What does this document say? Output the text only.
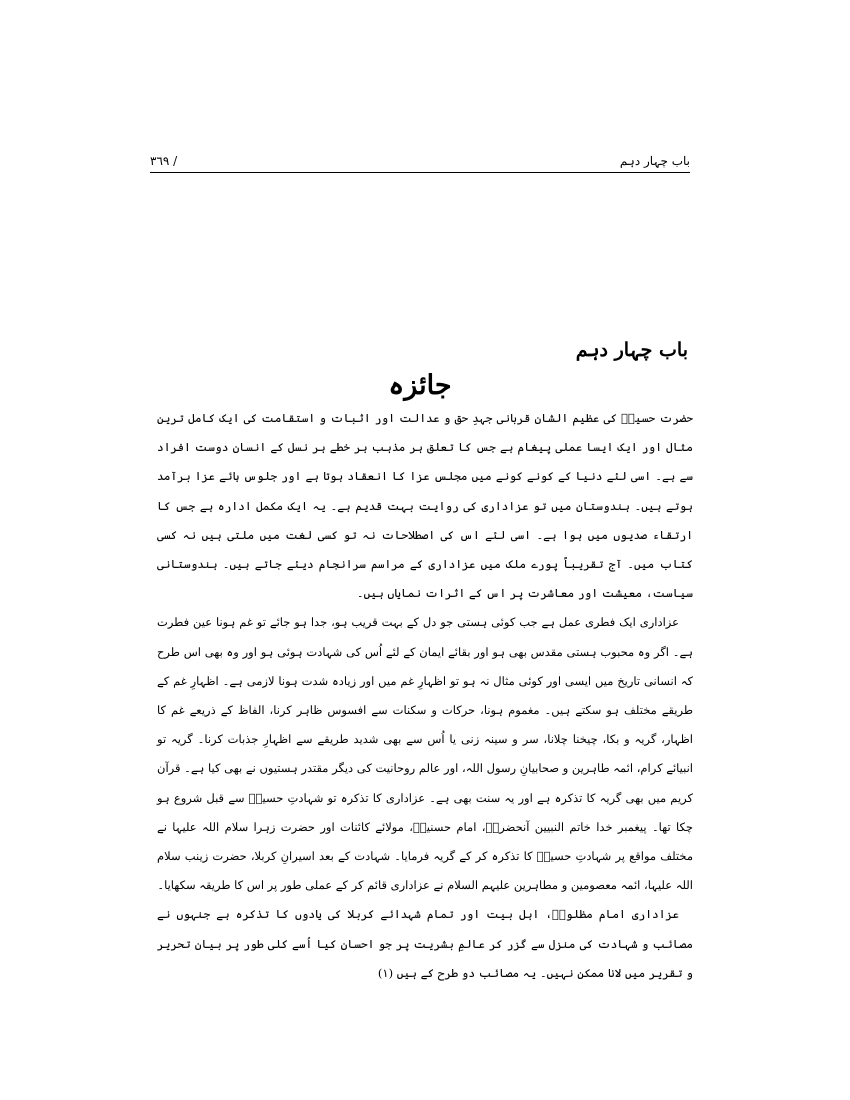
باب چہار دہم
٣٦٩ /
باب چہار دہم
جائزہ

حضرت حسینؑ کی عظیم الشان قربانی جہدِ حق و عدالت اور اثبات و استقامت کی ایک کامل ترین مثال اور ایک ایسا عملی پیغام ہے جس کا تعلق ہر مذہب ہر خطے ہر نسل کے انسان دوست افراد سے ہے۔ اسی لئے دنیا کے کونے کونے میں مجلس عزا کا انعقاد ہوتا ہے اور جلوس ہائے عزا برآمد ہوتے ہیں۔ ہندوستان میں تو عزاداری کی روایت بہت قدیم ہے۔ یہ ایک مکمل ادارہ ہے جس کا ارتقاء صدیوں میں ہوا ہے۔ اسی لئے اس کی اصطلاحات نہ تو کسی لغت میں ملتی ہیں نہ کسی کتاب میں۔ آج تقریباً پورے ملک میں عزاداری کے مراسم سرانجام دیئے جاتے ہیں۔ ہندوستانی سیاست، معیشت اور معاشرت پر اس کے اثرات نمایاں ہیں۔

عزاداری ایک فطری عمل ہے جب کوئی ہستی جو دل کے بہت قریب ہو، جدا ہو جائے تو غم ہونا عین فطرت ہے۔ اگر وہ محبوب ہستی مقدس بھی ہو اور بقائے ایمان کے لئے اُس کی شہادت ہوئی ہو اور وہ بھی اس طرح کہ انسانی تاریخ میں ایسی اور کوئی مثال نہ ہو تو اظہارِ غم میں اور زیادہ شدت ہونا لازمی ہے۔ اظہارِ غم کے طریقے مختلف ہو سکتے ہیں۔ مغموم ہونا، حرکات و سکنات سے افسوس ظاہر کرنا، الفاظ کے ذریعے غم کا اظہار، گریہ و بکا، چیخنا چلانا، سر و سینہ زنی یا اُس سے بھی شدید طریقے سے اظہارِ جذبات کرنا۔ گریہ تو انبیائے کرام، ائمہ طاہرین و صحابیانِ رسول اللہ، اور عالم روحانیت کی دیگر مقتدر ہستیوں نے بھی کیا ہے۔ قرآن کریم میں بھی گریہ کا تذکرہ ہے اور یہ سنت بھی ہے۔ عزاداری کا تذکرہ تو شہادتِ حسینؑ سے قبل شروع ہو چکا تھا۔ پیغمبر خدا خاتم النبیین آنحضرتؐ، امام حسنینؑ، مولائے کائنات اور حضرت زہرا سلام اللہ علیہا نے مختلف مواقع پر شہادتِ حسینؑ کا تذکرہ کر کے گریہ فرمایا۔ شہادت کے بعد اسیرانِ کربلا، حضرت زینب سلام اللہ علیہا، ائمہ معصومین و مطاہرین علیہم السلام نے عزاداری قائم کر کے عملی طور پر اس کا طریقہ سکھایا۔

عزاداری امام مظلومؑ، اہل بیت اور تمام شہدائے کربلا کی یادوں کا تذکرہ ہے جنہوں نے مصائب و شہادت کی منزل سے گزر کر عالمِ بشریت پر جو احسان کیا اُسے کلی طور پر بیان تحریر و تقریر میں لانا ممکن نہیں۔ یہ مصائب دو طرح کے ہیں (۱)
